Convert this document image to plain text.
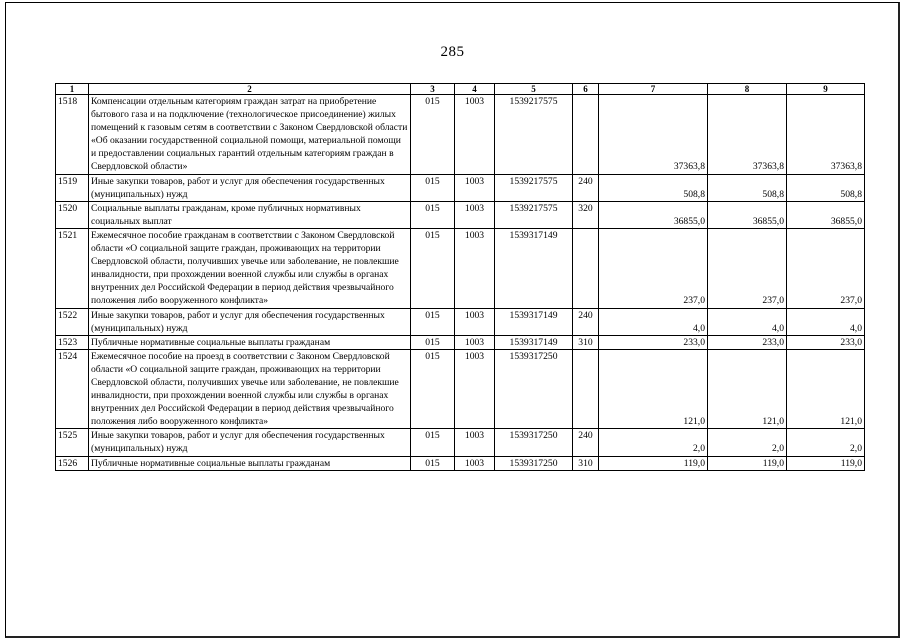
285
1	2	3	4	5	6	7	8	9
1518	Компенсации отдельным категориям граждан затрат на приобретение бытового газа и на подключение (технологическое присоединение) жилых помещений к газовым сетям в соответствии с Законом Свердловской области «Об оказании государственной социальной помощи, материальной помощи и предоставлении социальных гарантий отдельным категориям граждан в Свердловской области»	015	1003	1539217575		37363,8	37363,8	37363,8
1519	Иные закупки товаров, работ и услуг для обеспечения государственных (муниципальных) нужд	015	1003	1539217575	240	508,8	508,8	508,8
1520	Социальные выплаты гражданам, кроме публичных нормативных социальных выплат	015	1003	1539217575	320	36855,0	36855,0	36855,0
1521	Ежемесячное пособие гражданам в соответствии с Законом Свердловской области «О социальной защите граждан, проживающих на территории Свердловской области, получивших увечье или заболевание, не повлекшие инвалидности, при прохождении военной службы или службы в органах внутренних дел Российской Федерации в период действия чрезвычайного положения либо вооруженного конфликта»	015	1003	1539317149		237,0	237,0	237,0
1522	Иные закупки товаров, работ и услуг для обеспечения государственных (муниципальных) нужд	015	1003	1539317149	240	4,0	4,0	4,0
1523	Публичные нормативные социальные выплаты гражданам	015	1003	1539317149	310	233,0	233,0	233,0
1524	Ежемесячное пособие на проезд в соответствии с Законом Свердловской области «О социальной защите граждан, проживающих на территории Свердловской области, получивших увечье или заболевание, не повлекшие инвалидности, при прохождении военной службы или службы в органах внутренних дел Российской Федерации в период действия чрезвычайного положения либо вооруженного конфликта»	015	1003	1539317250		121,0	121,0	121,0
1525	Иные закупки товаров, работ и услуг для обеспечения государственных (муниципальных) нужд	015	1003	1539317250	240	2,0	2,0	2,0
1526	Публичные нормативные социальные выплаты гражданам	015	1003	1539317250	310	119,0	119,0	119,0
